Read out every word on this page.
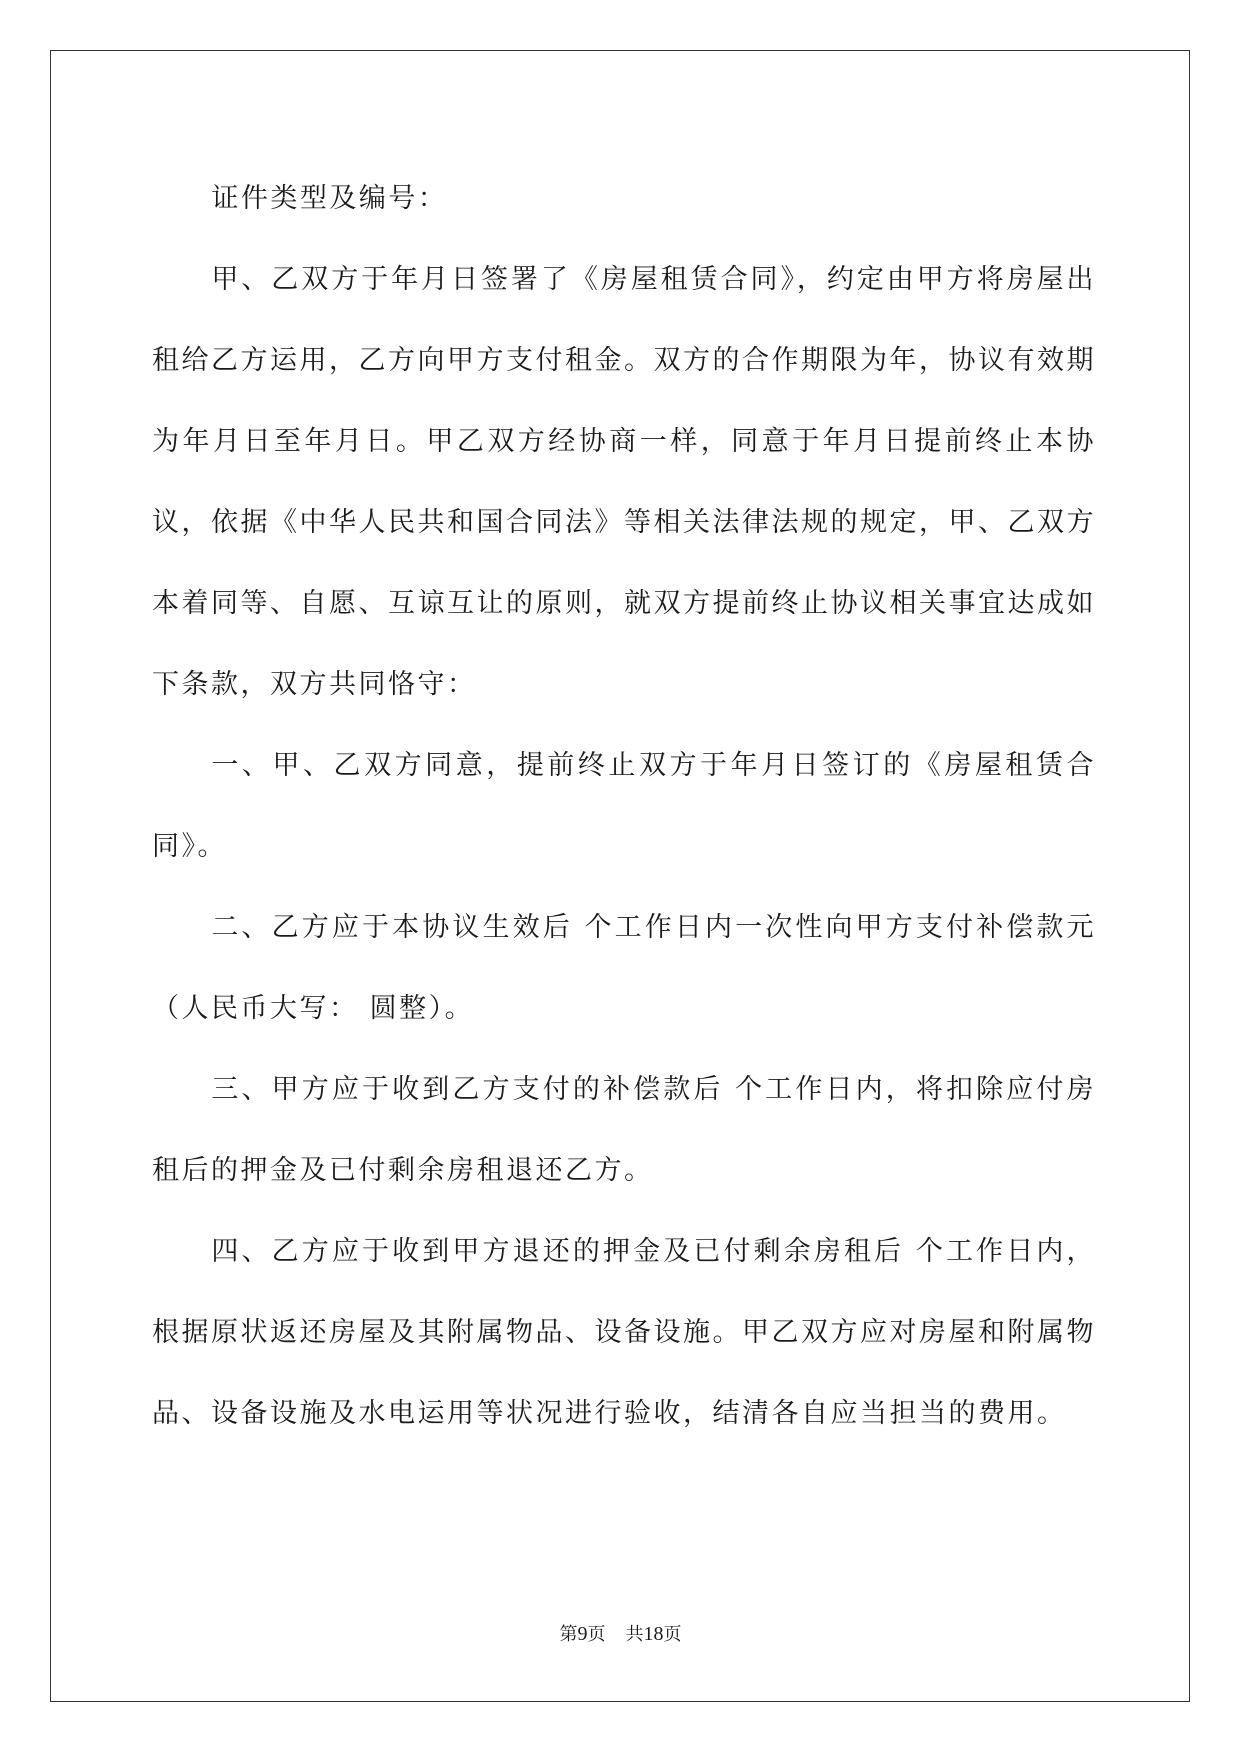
证件类型及编号：

甲、乙双方于年月日签署了《房屋租赁合同》，约定由甲方将房屋出租给乙方运用，乙方向甲方支付租金。双方的合作期限为年，协议有效期为年月日至年月日。甲乙双方经协商一样，同意于年月日提前终止本协议，依据《中华人民共和国合同法》等相关法律法规的规定，甲、乙双方本着同等、自愿、互谅互让的原则，就双方提前终止协议相关事宜达成如下条款，双方共同恪守：

一、甲、乙双方同意，提前终止双方于年月日签订的《房屋租赁合同》。

二、乙方应于本协议生效后 个工作日内一次性向甲方支付补偿款元（人民币大写： 圆整）。

三、甲方应于收到乙方支付的补偿款后 个工作日内，将扣除应付房租后的押金及已付剩余房租退还乙方。

四、乙方应于收到甲方退还的押金及已付剩余房租后 个工作日内，根据原状返还房屋及其附属物品、设备设施。甲乙双方应对房屋和附属物品、设备设施及水电运用等状况进行验收，结清各自应当担当的费用。

第9页 共18页
